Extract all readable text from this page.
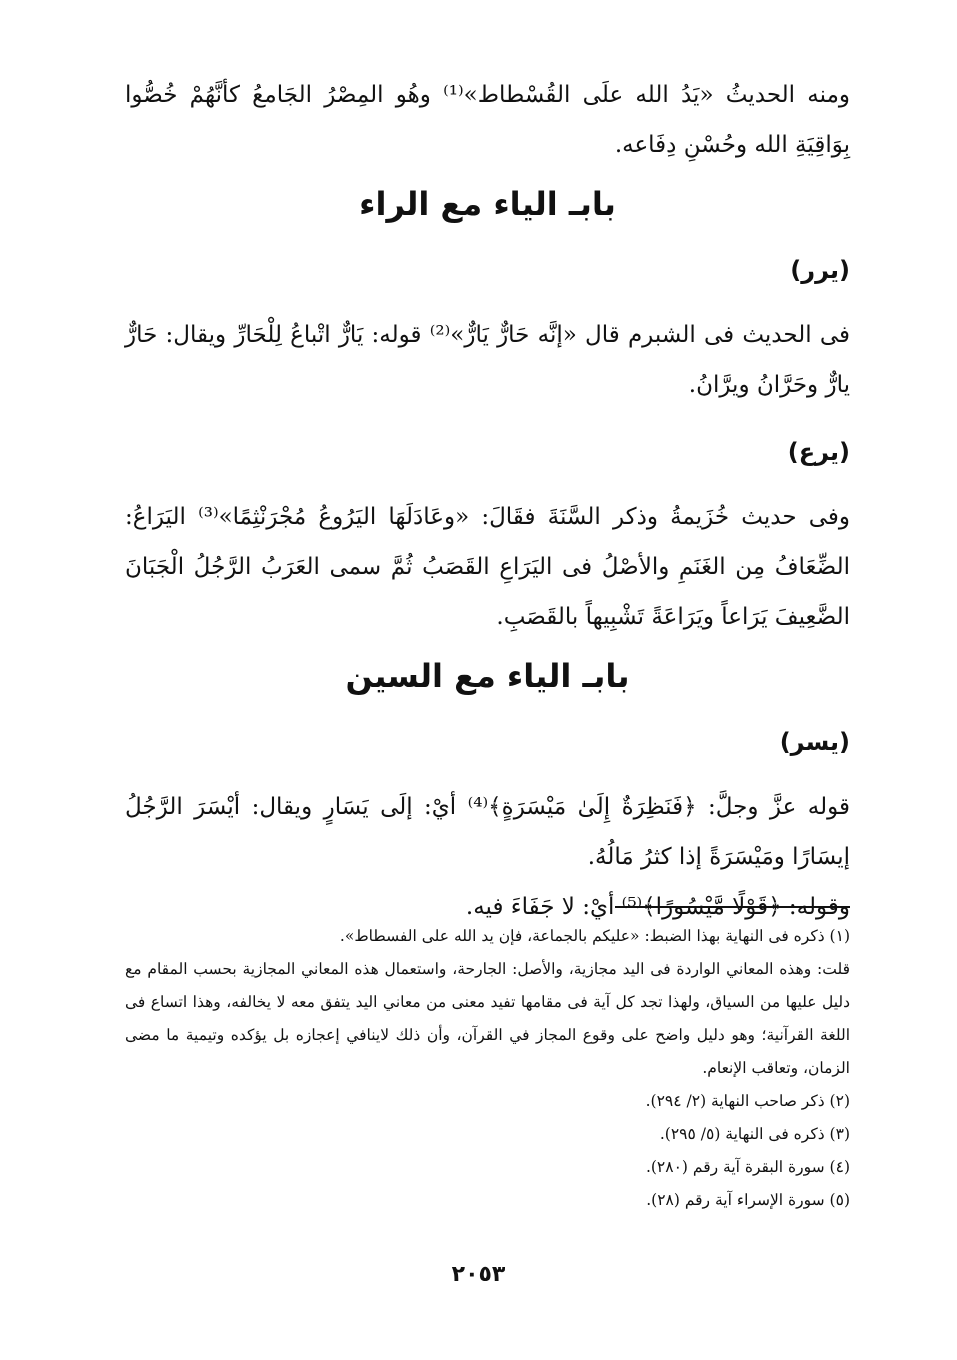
ومنه الحديثُ «يَدُ الله علَى القُسْطاط»⁽¹⁾ وهُو المِصْرُ الجَامعُ كأنَّهُمْ خُصُّوا بِوَاقِيَةِ الله وحُسْنِ دِفَاعه.

بابـ الياء مع الراء
(يرر)

فى الحديث فى الشبرم قال «إنَّه حَارٌّ يَارٌّ»⁽²⁾ قوله: يَارٌّ اتْباعُ لِلْحَارِّ ويقال: حَارٌّ يارٌّ وحَرَّانُ ويرَّانُ.

(يرع)

وفى حديث خُزَيمةُ وذكر السَّنَةَ فقَالَ: «وعَادَلَهَا اليَرُوعُ مُجْرَنْثِمًا»⁽³⁾ اليَرَاعُ: الضِّعَافُ مِن الغَنَمِ والأصْلُ فى اليَرَاعِ القَصَبُ ثُمَّ سمى العَرَبُ الرَّجُلُ الْجَبَانَ الضَّعِيفَ يَرَاعاً ويَرَاعَةً تَشْبِيهاً بالقَصَبِ.

بابـ الياء مع السين
(يسر)

قوله عزَّ وجلَّ: ﴿فَنَظِرَةٌ إِلَىٰ مَيْسَرَةٍ﴾⁽⁴⁾ أيْ: إلَى يَسَارٍ ويقال: أيْسَرَ الرَّجُلُ إيسَارًا ومَيْسَرَةً إذا كثرُ مَالُهُ.

وقوله: ﴿قَوْلًا مَّيْسُورًا﴾⁽⁵⁾ أيْ: لا جَفَاءَ فيه.

(١) ذكره فى النهاية بهذا الضبط: «عليكم بالجماعة، فإن يد الله على الفسطاط».

قلت: وهذه المعاني الواردة فى اليد مجازية، والأصل: الجارحة، واستعمال هذه المعاني المجازية بحسب المقام مع دليل عليها من السياق، ولهذا تجد كل آية فى مقامها تفيد معنى من معاني اليد يتفق معه لا يخالفه، وهذا اتساع فى اللغة القرآنية؛ وهو دليل واضح على وقوع المجاز في القرآن، وأن ذلك لاينافي إعجازه بل يؤكده وتيمية ما مضى الزمان، وتعاقب الإنعام.

(٢) ذكر صاحب النهاية (٢/ ٢٩٤).

(٣) ذكره فى النهاية (٥/ ٢٩٥).

(٤) سورة البقرة آية رقم (٢٨٠).

(٥) سورة الإسراء آية رقم (٢٨).

٢٠٥٣
